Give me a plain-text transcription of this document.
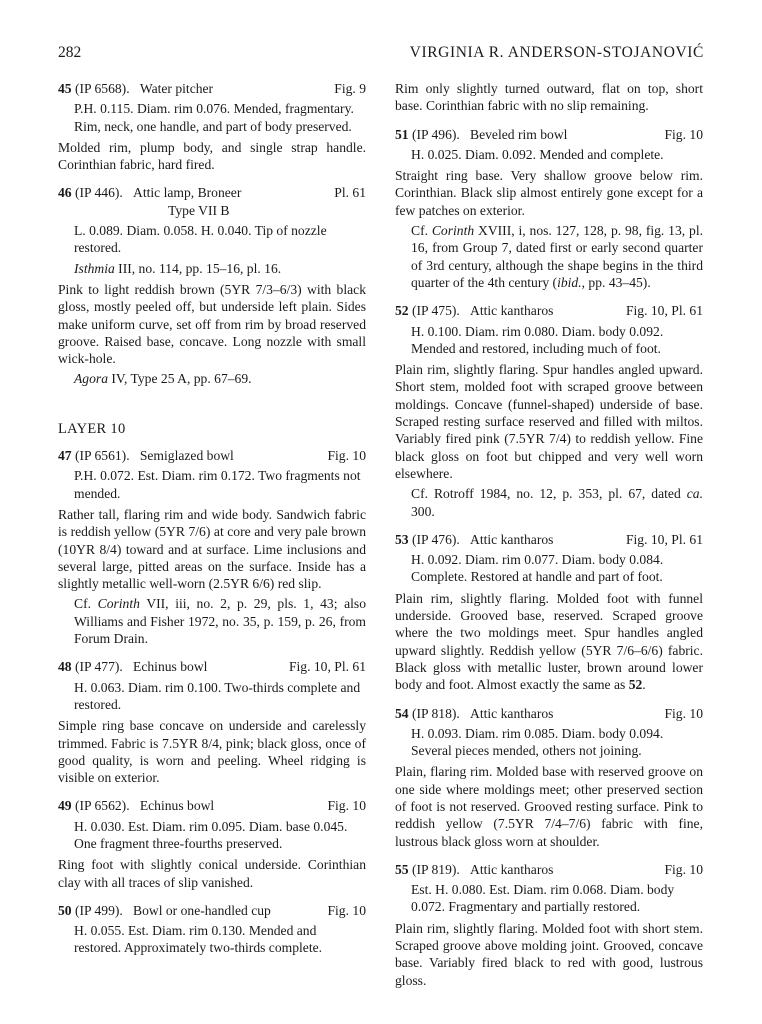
282	VIRGINIA R. ANDERSON-STOJANOVIĆ
45 (IP 6568). Water pitcher	Fig. 9
P.H. 0.115. Diam. rim 0.076. Mended, fragmentary. Rim, neck, one handle, and part of body preserved.
Molded rim, plump body, and single strap handle. Corinthian fabric, hard fired.
46 (IP 446). Attic lamp, Broneer	Pl. 61
Type VII B
L. 0.089. Diam. 0.058. H. 0.040. Tip of nozzle restored.
Isthmia III, no. 114, pp. 15–16, pl. 16.
Pink to light reddish brown (5YR 7/3–6/3) with black gloss, mostly peeled off, but underside left plain. Sides make uniform curve, set off from rim by broad reserved groove. Raised base, concave. Long nozzle with small wick-hole.
Agora IV, Type 25 A, pp. 67–69.
LAYER 10
47 (IP 6561). Semiglazed bowl	Fig. 10
P.H. 0.072. Est. Diam. rim 0.172. Two fragments not mended.
Rather tall, flaring rim and wide body. Sandwich fabric is reddish yellow (5YR 7/6) at core and very pale brown (10YR 8/4) toward and at surface. Lime inclusions and several large, pitted areas on the surface. Inside has a slightly metallic well-worn (2.5YR 6/6) red slip.
Cf. Corinth VII, iii, no. 2, p. 29, pls. 1, 43; also Williams and Fisher 1972, no. 35, p. 159, p. 26, from Forum Drain.
48 (IP 477). Echinus bowl	Fig. 10, Pl. 61
H. 0.063. Diam. rim 0.100. Two-thirds complete and restored.
Simple ring base concave on underside and carelessly trimmed. Fabric is 7.5YR 8/4, pink; black gloss, once of good quality, is worn and peeling. Wheel ridging is visible on exterior.
49 (IP 6562). Echinus bowl	Fig. 10
H. 0.030. Est. Diam. rim 0.095. Diam. base 0.045. One fragment three-fourths preserved.
Ring foot with slightly conical underside. Corinthian clay with all traces of slip vanished.
50 (IP 499). Bowl or one-handled cup	Fig. 10
H. 0.055. Est. Diam. rim 0.130. Mended and restored. Approximately two-thirds complete.
Rim only slightly turned outward, flat on top, short base. Corinthian fabric with no slip remaining.
51 (IP 496). Beveled rim bowl	Fig. 10
H. 0.025. Diam. 0.092. Mended and complete.
Straight ring base. Very shallow groove below rim. Corinthian. Black slip almost entirely gone except for a few patches on exterior.
Cf. Corinth XVIII, i, nos. 127, 128, p. 98, fig. 13, pl. 16, from Group 7, dated first or early second quarter of 3rd century, although the shape begins in the third quarter of the 4th century (ibid., pp. 43–45).
52 (IP 475). Attic kantharos	Fig. 10, Pl. 61
H. 0.100. Diam. rim 0.080. Diam. body 0.092. Mended and restored, including much of foot.
Plain rim, slightly flaring. Spur handles angled upward. Short stem, molded foot with scraped groove between moldings. Concave (funnel-shaped) underside of base. Scraped resting surface reserved and filled with miltos. Variably fired pink (7.5YR 7/4) to reddish yellow. Fine black gloss on foot but chipped and very well worn elsewhere.
Cf. Rotroff 1984, no. 12, p. 353, pl. 67, dated ca. 300.
53 (IP 476). Attic kantharos	Fig. 10, Pl. 61
H. 0.092. Diam. rim 0.077. Diam. body 0.084. Complete. Restored at handle and part of foot.
Plain rim, slightly flaring. Molded foot with funnel underside. Grooved base, reserved. Scraped groove where the two moldings meet. Spur handles angled upward slightly. Reddish yellow (5YR 7/6–6/6) fabric. Black gloss with metallic luster, brown around lower body and foot. Almost exactly the same as 52.
54 (IP 818). Attic kantharos	Fig. 10
H. 0.093. Diam. rim 0.085. Diam. body 0.094. Several pieces mended, others not joining.
Plain, flaring rim. Molded base with reserved groove on one side where moldings meet; other preserved section of foot is not reserved. Grooved resting surface. Pink to reddish yellow (7.5YR 7/4–7/6) fabric with fine, lustrous black gloss worn at shoulder.
55 (IP 819). Attic kantharos	Fig. 10
Est. H. 0.080. Est. Diam. rim 0.068. Diam. body 0.072. Fragmentary and partially restored.
Plain rim, slightly flaring. Molded foot with short stem. Scraped groove above molding joint. Grooved, concave base. Variably fired black to red with good, lustrous gloss.
